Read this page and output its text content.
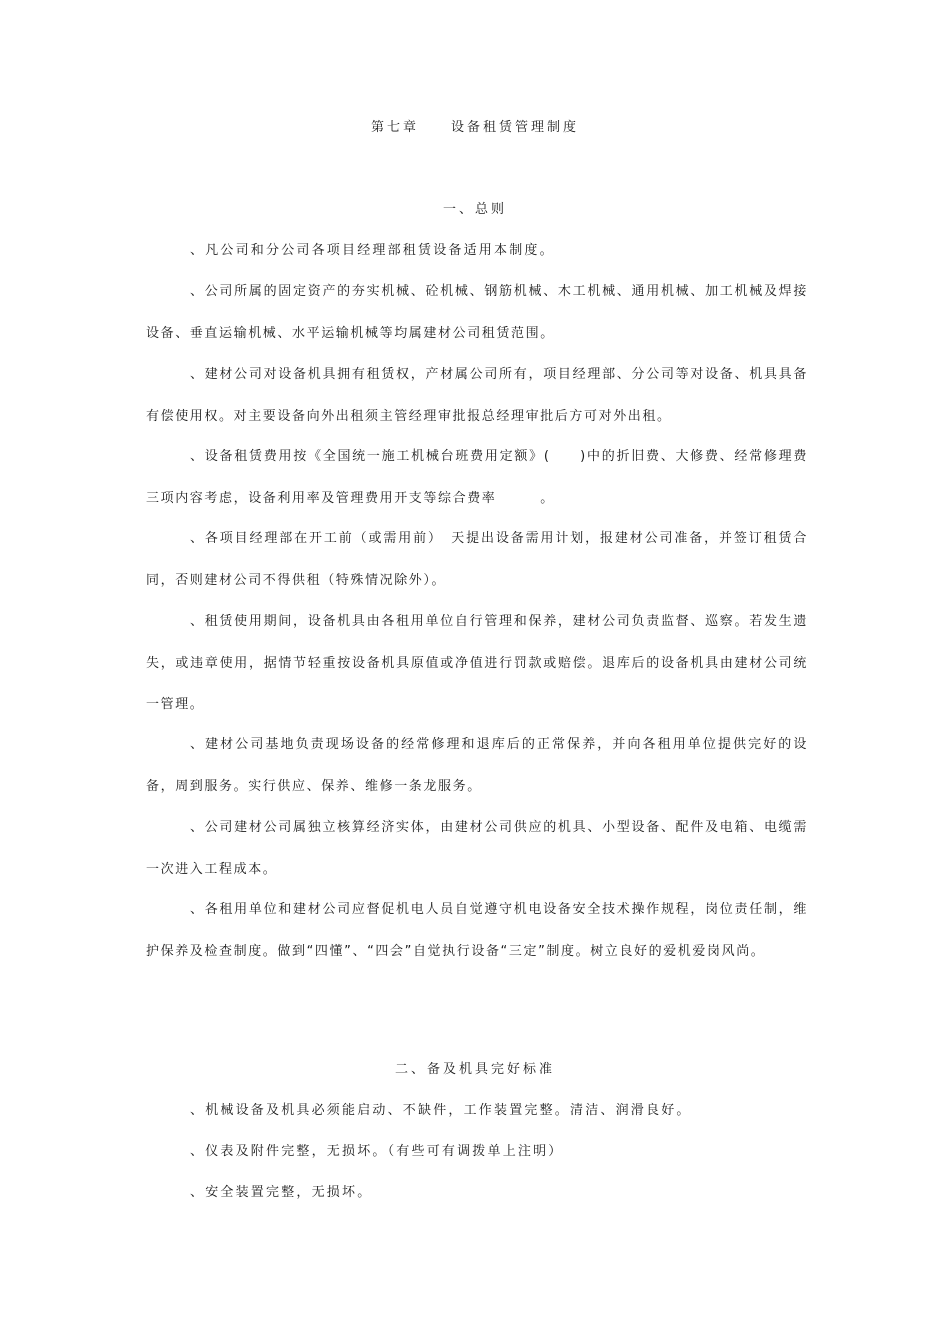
第七章　　设备租赁管理制度
一、总则

、凡公司和分公司各项目经理部租赁设备适用本制度。

、公司所属的固定资产的夯实机械、砼机械、钢筋机械、木工机械、通用机械、加工机械及焊接设备、垂直运输机械、水平运输机械等均属建材公司租赁范围。

、建材公司对设备机具拥有租赁权，产材属公司所有，项目经理部、分公司等对设备、机具具备有偿使用权。对主要设备向外出租须主管经理审批报总经理审批后方可对外出租。

、设备租赁费用按《全国统一施工机械台班费用定额》(　　)中的折旧费、大修费、经常修理费三项内容考虑，设备利用率及管理费用开支等综合费率　　　。

、各项目经理部在开工前（或需用前）　天提出设备需用计划，报建材公司准备，并签订租赁合同，否则建材公司不得供租（特殊情况除外）。

、租赁使用期间，设备机具由各租用单位自行管理和保养，建材公司负责监督、巡察。若发生遗失，或违章使用，据情节轻重按设备机具原值或净值进行罚款或赔偿。退库后的设备机具由建材公司统一管理。

、建材公司基地负责现场设备的经常修理和退库后的正常保养，并向各租用单位提供完好的设备，周到服务。实行供应、保养、维修一条龙服务。

、公司建材公司属独立核算经济实体，由建材公司供应的机具、小型设备、配件及电箱、电缆需一次进入工程成本。

、各租用单位和建材公司应督促机电人员自觉遵守机电设备安全技术操作规程，岗位责任制，维护保养及检查制度。做到“四懂”、“四会”自觉执行设备“三定”制度。树立良好的爱机爱岗风尚。

二、备及机具完好标准

、机械设备及机具必须能启动、不缺件，工作装置完整。清洁、润滑良好。

、仪表及附件完整，无损坏。（有些可有调拨单上注明）

、安全装置完整，无损坏。
